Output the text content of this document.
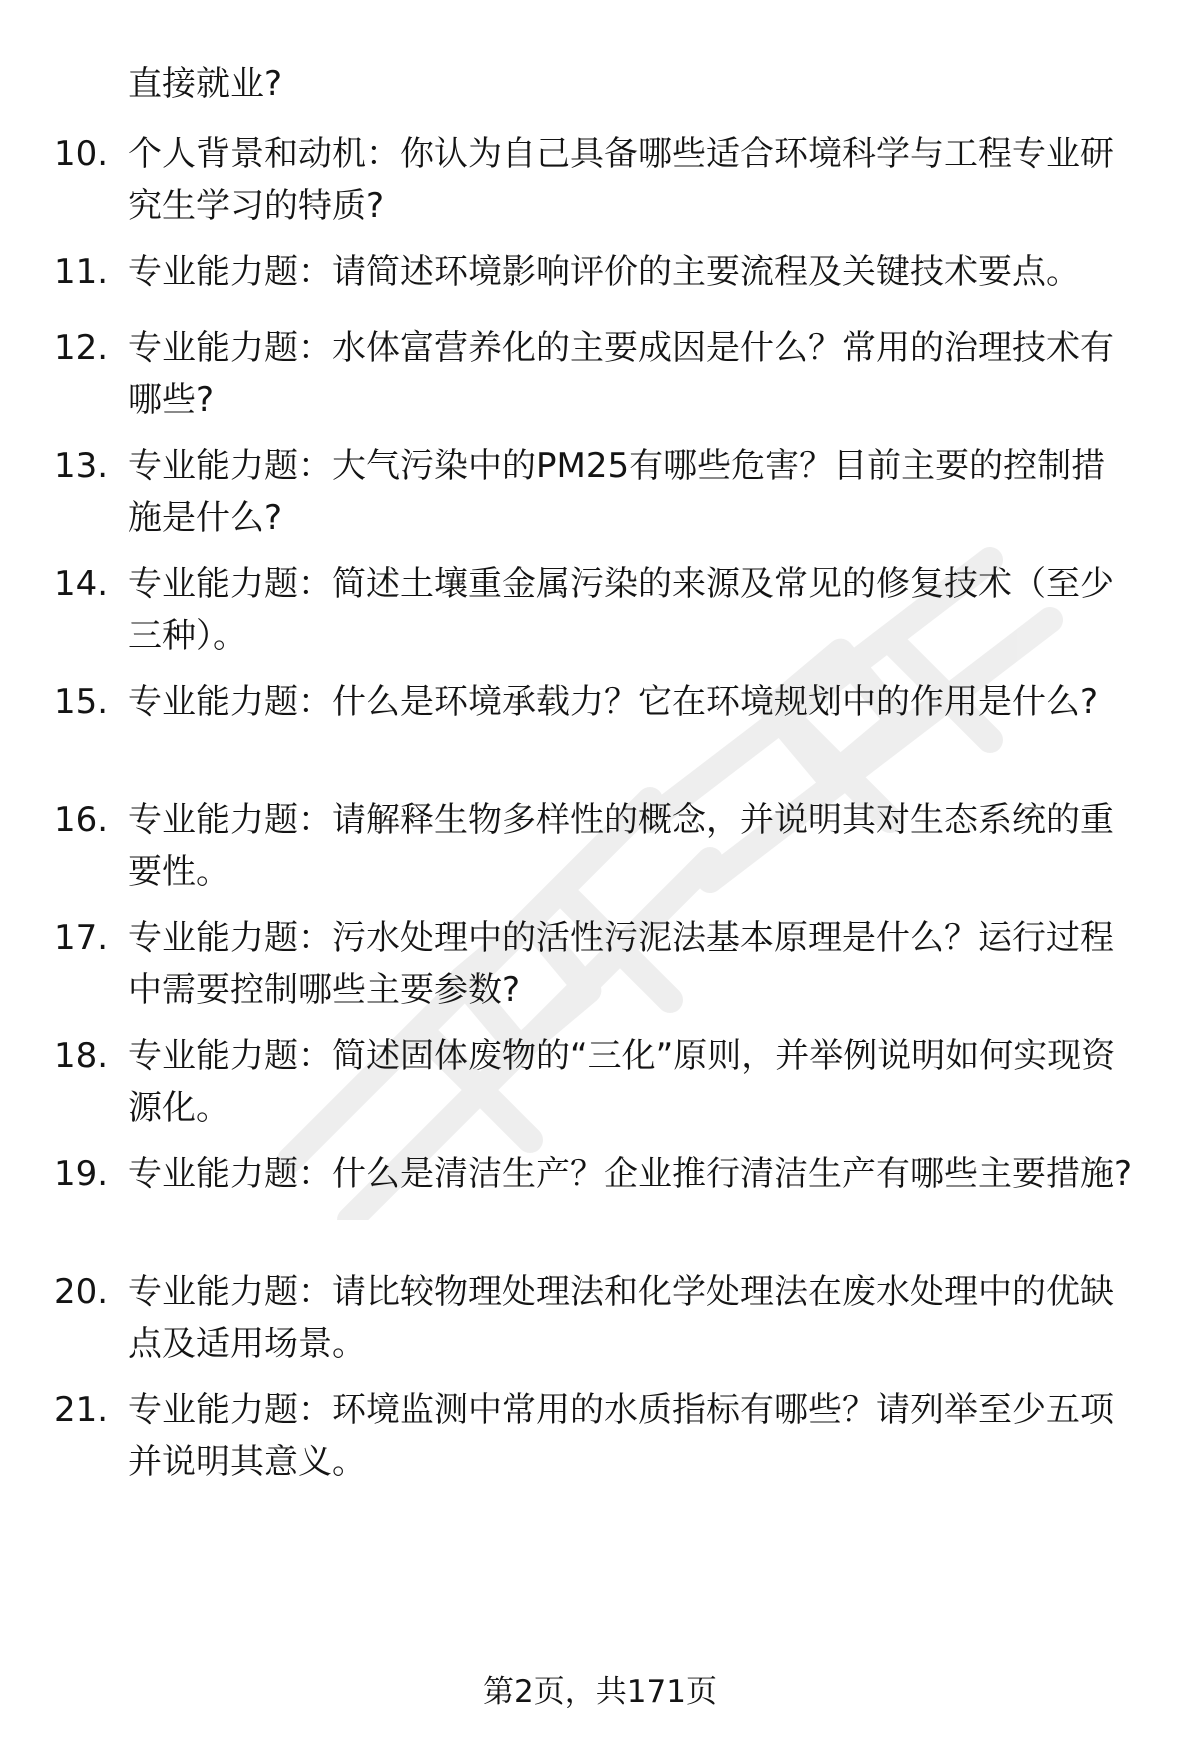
直接就业?
10. 个人背景和动机：你认为自己具备哪些适合环境科学与工程专业研究生学习的特质?
11. 专业能力题：请简述环境影响评价的主要流程及关键技术要点。
12. 专业能力题：水体富营养化的主要成因是什么？常用的治理技术有哪些?
13. 专业能力题：大气污染中的PM25有哪些危害？目前主要的控制措施是什么?
14. 专业能力题：简述土壤重金属污染的来源及常见的修复技术（至少三种）。
15. 专业能力题：什么是环境承载力？它在环境规划中的作用是什么?
16. 专业能力题：请解释生物多样性的概念，并说明其对生态系统的重要性。
17. 专业能力题：污水处理中的活性污泥法基本原理是什么？运行过程中需要控制哪些主要参数?
18. 专业能力题：简述固体废物的“三化”原则，并举例说明如何实现资源化。
19. 专业能力题：什么是清洁生产？企业推行清洁生产有哪些主要措施?
20. 专业能力题：请比较物理处理法和化学处理法在废水处理中的优缺点及适用场景。
21. 专业能力题：环境监测中常用的水质指标有哪些？请列举至少五项并说明其意义。
第2页，共171页
